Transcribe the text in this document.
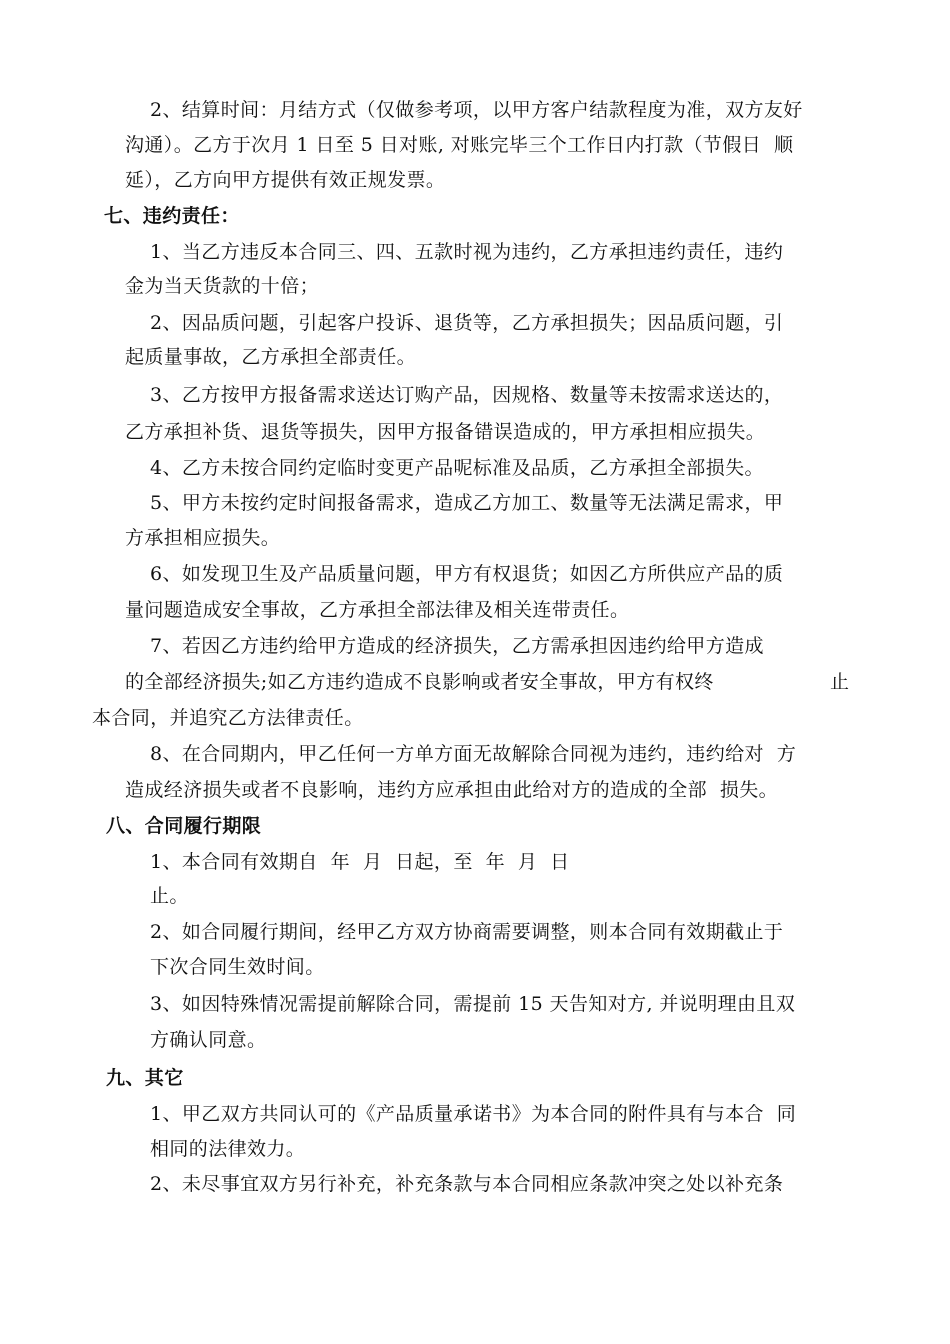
2、结算时间：月结方式（仅做参考项，以甲方客户结款程度为准，双方友好
沟通）。乙方于次月 1 日至 5 日对账, 对账完毕三个工作日内打款（节假日  顺
延），乙方向甲方提供有效正规发票。
七、违约责任：
1、当乙方违反本合同三、四、五款时视为违约，乙方承担违约责任，违约
金为当天货款的十倍；
2、因品质问题，引起客户投诉、退货等，乙方承担损失；因品质问题，引
起质量事故，乙方承担全部责任。
3、乙方按甲方报备需求送达订购产品，因规格、数量等未按需求送达的，
乙方承担补货、退货等损失，因甲方报备错误造成的，甲方承担相应损失。
4、乙方未按合同约定临时变更产品呢标准及品质，乙方承担全部损失。
5、甲方未按约定时间报备需求，造成乙方加工、数量等无法满足需求，甲
方承担相应损失。
6、如发现卫生及产品质量问题，甲方有权退货；如因乙方所供应产品的质
量问题造成安全事故，乙方承担全部法律及相关连带责任。
7、若因乙方违约给甲方造成的经济损失，乙方需承担因违约给甲方造成
的全部经济损失;如乙方违约造成不良影响或者安全事故，甲方有权终	止
本合同，并追究乙方法律责任。
8、在合同期内，甲乙任何一方单方面无故解除合同视为违约，违约给对  方
造成经济损失或者不良影响，违约方应承担由此给对方的造成的全部  损失。
八、合同履行期限
1、本合同有效期自  年  月  日起，至  年  月  日
止。
2、如合同履行期间，经甲乙方双方协商需要调整，则本合同有效期截止于
下次合同生效时间。
3、如因特殊情况需提前解除合同，需提前 15 天告知对方, 并说明理由且双
方确认同意。
九、其它
1、甲乙双方共同认可的《产品质量承诺书》为本合同的附件具有与本合  同
相同的法律效力。
2、未尽事宜双方另行补充，补充条款与本合同相应条款冲突之处以补充条
